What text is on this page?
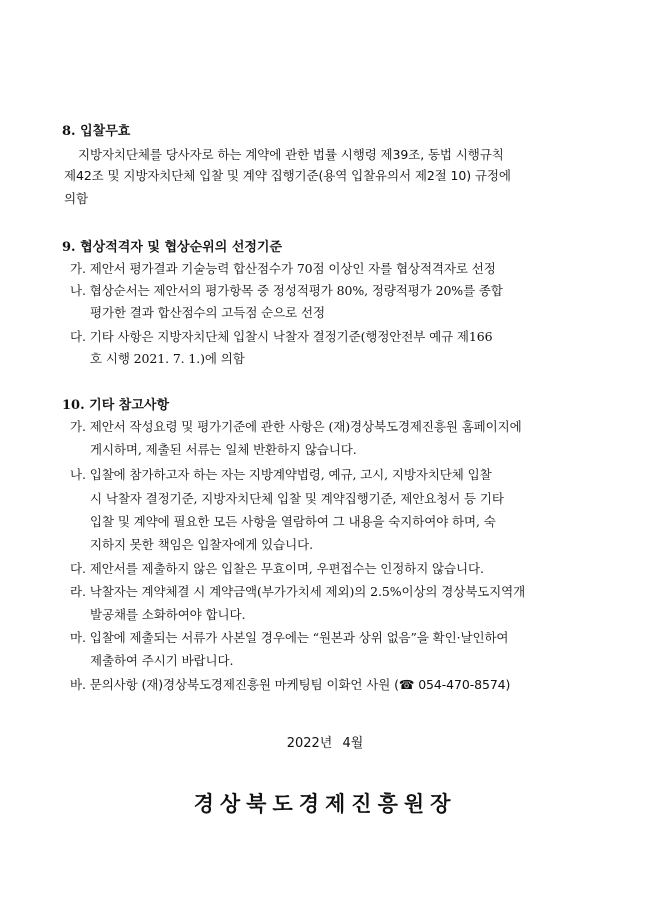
8. 입찰무효
지방자치단체를 당사자로 하는 계약에 관한 법률 시행령 제39조, 동법 시행규칙
제42조 및 지방자치단체 입찰 및 계약 집행기준(용역 입찰유의서 제2절 10) 규정에
의함
9. 협상적격자 및 협상순위의 선정기준
가. 제안서 평가결과 기술능력 합산점수가 70점 이상인 자를 협상적격자로 선정
나. 협상순서는 제안서의 평가항목 중 정성적평가 80%, 정량적평가 20%를 종합
평가한 결과 합산점수의 고득점 순으로 선정
다. 기타 사항은 지방자치단체 입찰시 낙찰자 결정기준(행정안전부 예규 제166
호 시행 2021. 7. 1.)에 의함
10. 기타 참고사항
가. 제안서 작성요령 및 평가기준에 관한 사항은 (재)경상북도경제진흥원 홈페이지에
게시하며, 제출된 서류는 일체 반환하지 않습니다.
나. 입찰에 참가하고자 하는 자는 지방계약법령, 예규, 고시, 지방자치단체 입찰
시 낙찰자 결정기준, 지방자치단체 입찰 및 계약집행기준, 제안요청서 등 기타
입찰 및 계약에 필요한 모든 사항을 열람하여 그 내용을 숙지하여야 하며, 숙
지하지 못한 책임은 입찰자에게 있습니다.
다. 제안서를 제출하지 않은 입찰은 무효이며, 우편접수는 인정하지 않습니다.
라. 낙찰자는 계약체결 시 계약금액(부가가치세 제외)의 2.5%이상의 경상북도지역개
발공채를 소화하여야 합니다.
마. 입찰에 제출되는 서류가 사본일 경우에는 “원본과 상위 없음”을 확인·날인하여
제출하여 주시기 바랍니다.
바. 문의사항 (재)경상북도경제진흥원 마케팅팀 이화언 사원 (☎ 054-470-8574)
2022년 4월
경상북도경제진흥원장
